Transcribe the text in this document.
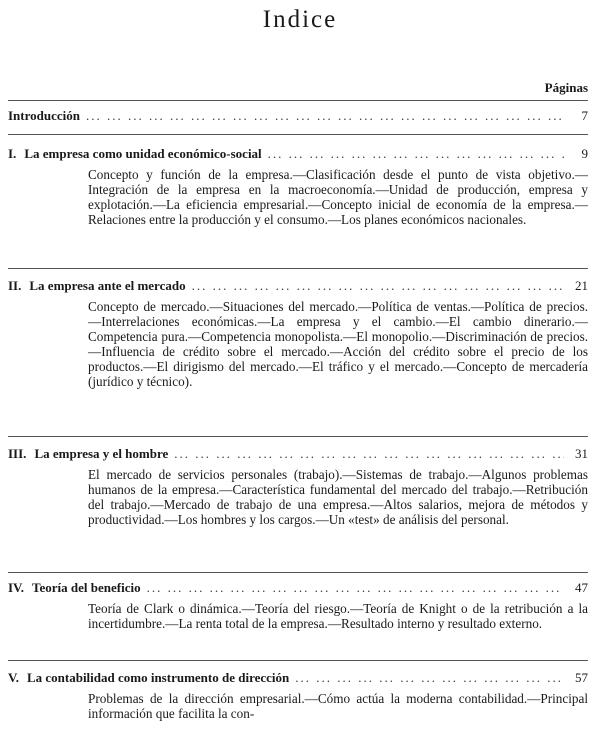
Indice
Páginas
Introducción ... .	7
I. La empresa como unidad económico-social ... .	9
Concepto y función de la empresa.—Clasificación desde el punto de vista objetivo.—Integración de la empresa en la macroeconomía.—Unidad de producción, empresa y explotación.—La eficiencia empresarial.—Concepto inicial de economía de la empresa.—Relaciones entre la producción y el consumo.—Los planes económicos nacionales.
II. La empresa ante el mercado ... .	21
Concepto de mercado.—Situaciones del mercado.—Política de ventas.—Política de precios.—Interrelaciones económicas.—La empresa y el cambio.—El cambio dinerario.—Competencia pura.—Competencia monopolista.—El monopolio.—Discriminación de precios.—Influencia de crédito sobre el mercado.—Acción del crédito sobre el precio de los productos.—El dirigismo del mercado.—El tráfico y el mercado.—Concepto de mercadería (jurídico y técnico).
III. La empresa y el hombre ... .	31
El mercado de servicios personales (trabajo).—Sistemas de trabajo.—Algunos problemas humanos de la empresa.—Característica fundamental del mercado del trabajo.—Retribución del trabajo.—Mercado de trabajo de una empresa.—Altos salarios, mejora de métodos y productividad.—Los hombres y los cargos.—Un «test» de análisis del personal.
IV. Teoría del beneficio ... .	47
Teoría de Clark o dinámica.—Teoría del riesgo.—Teoría de Knight o de la retribución a la incertidumbre.—La renta total de la empresa.—Resultado interno y resultado externo.
V. La contabilidad como instrumento de dirección ... .	57
Problemas de la dirección empresarial.—Cómo actúa la moderna contabilidad.—Principal información que facilita la con-
